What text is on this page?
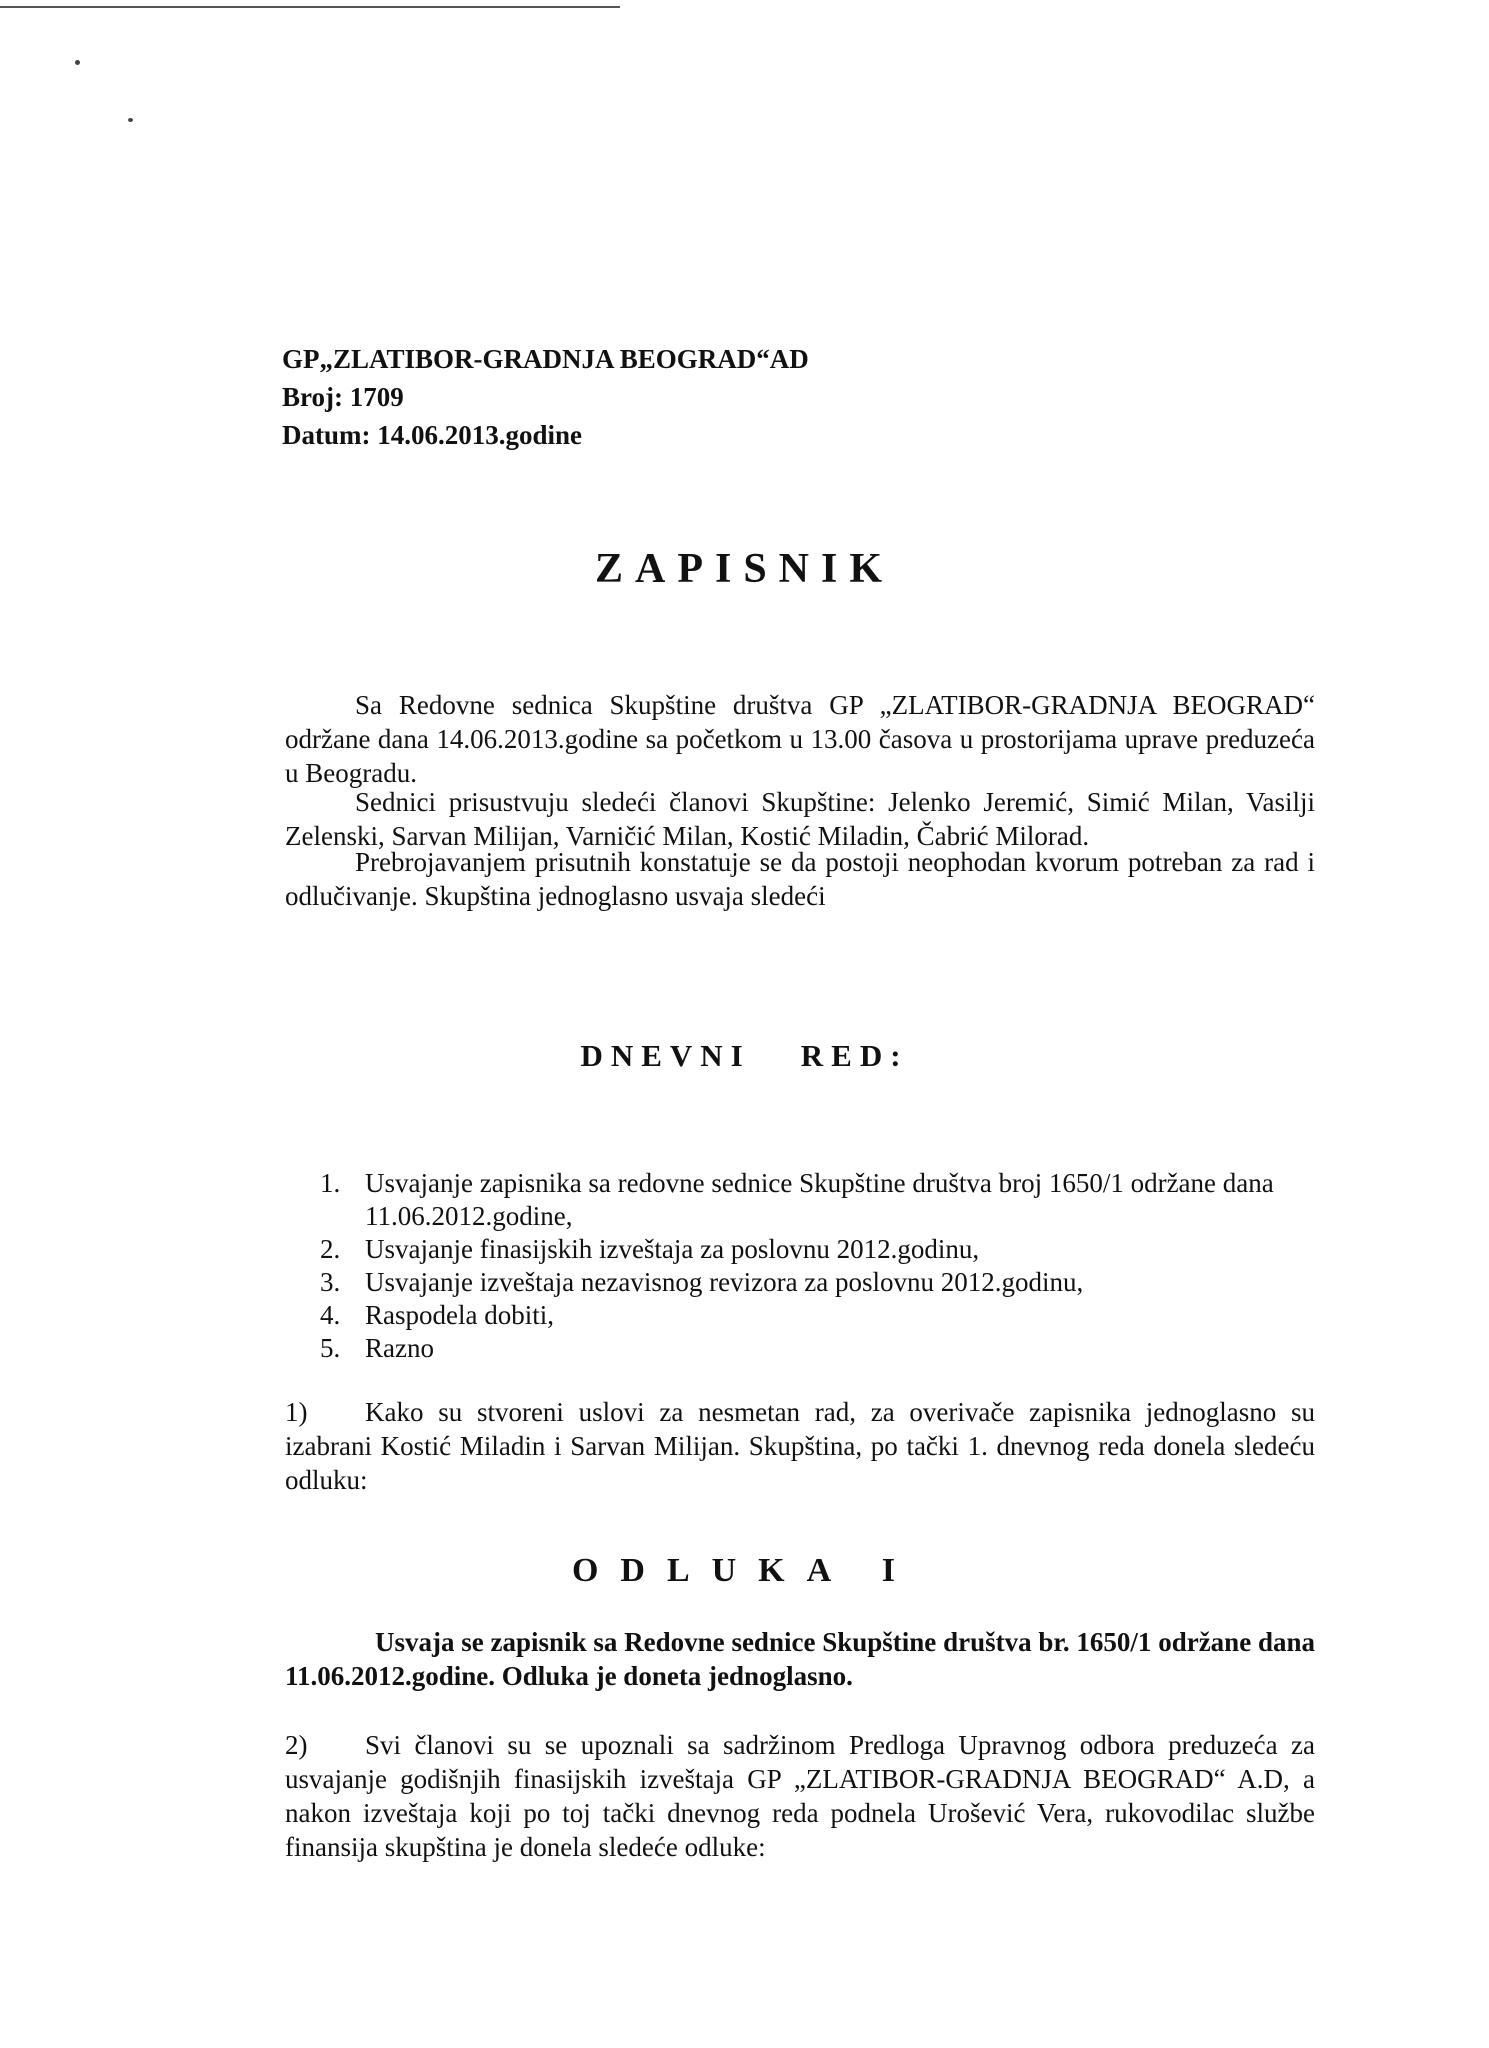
GP„ZLATIBOR-GRADNJA BEOGRAD“AD
Broj: 1709
Datum: 14.06.2013.godine
ZAPISNIK
Sa Redovne sednica Skupštine društva GP „ZLATIBOR-GRADNJA BEOGRAD“ održane dana 14.06.2013.godine sa početkom u 13.00 časova u prostorijama uprave preduzeća u Beogradu.
Sednici prisustvuju sledeći članovi Skupštine: Jelenko Jeremić, Simić Milan, Vasilji Zelenski, Sarvan Milijan, Varničić Milan, Kostić Miladin, Čabrić Milorad.
Prebrojavanjem prisutnih konstatuje se da postoji neophodan kvorum potreban za rad i odlučivanje. Skupština jednoglasno usvaja sledeći
DNEVNI RED:
1. Usvajanje zapisnika sa redovne sednice Skupštine društva broj 1650/1 održane dana 11.06.2012.godine,
2. Usvajanje finasijskih izveštaja za poslovnu 2012.godinu,
3. Usvajanje izveštaja nezavisnog revizora za poslovnu 2012.godinu,
4. Raspodela dobiti,
5. Razno
1) Kako su stvoreni uslovi za nesmetan rad, za overivače zapisnika jednoglasno su izabrani Kostić Miladin i Sarvan Milijan. Skupština, po tački 1. dnevnog reda donela sledeću odluku:
ODLUKA I
Usvaja se zapisnik sa Redovne sednice Skupštine društva br. 1650/1 održane dana 11.06.2012.godine. Odluka je doneta jednoglasno.
2) Svi članovi su se upoznali sa sadržinom Predloga Upravnog odbora preduzeća za usvajanje godišnjih finasijskih izveštaja GP „ZLATIBOR-GRADNJA BEOGRAD“ A.D, a nakon izveštaja koji po toj tački dnevnog reda podnela Urošević Vera, rukovodilac službe finansija skupština je donela sledeće odluke:
